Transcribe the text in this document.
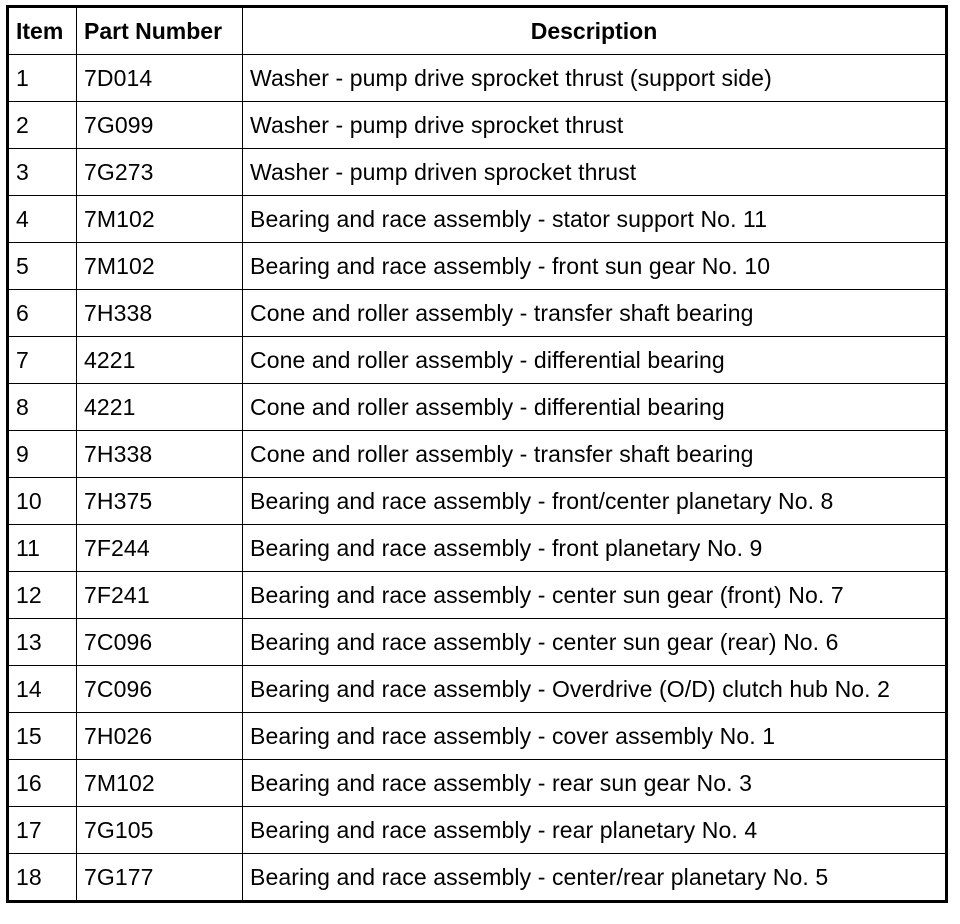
Item	Part Number	Description
1	7D014	Washer - pump drive sprocket thrust (support side)
2	7G099	Washer - pump drive sprocket thrust
3	7G273	Washer - pump driven sprocket thrust
4	7M102	Bearing and race assembly - stator support No. 11
5	7M102	Bearing and race assembly - front sun gear No. 10
6	7H338	Cone and roller assembly - transfer shaft bearing
7	4221	Cone and roller assembly - differential bearing
8	4221	Cone and roller assembly - differential bearing
9	7H338	Cone and roller assembly - transfer shaft bearing
10	7H375	Bearing and race assembly - front/center planetary No. 8
11	7F244	Bearing and race assembly - front planetary No. 9
12	7F241	Bearing and race assembly - center sun gear (front) No. 7
13	7C096	Bearing and race assembly - center sun gear (rear) No. 6
14	7C096	Bearing and race assembly - Overdrive (O/D) clutch hub No. 2
15	7H026	Bearing and race assembly - cover assembly No. 1
16	7M102	Bearing and race assembly - rear sun gear No. 3
17	7G105	Bearing and race assembly - rear planetary No. 4
18	7G177	Bearing and race assembly - center/rear planetary No. 5
